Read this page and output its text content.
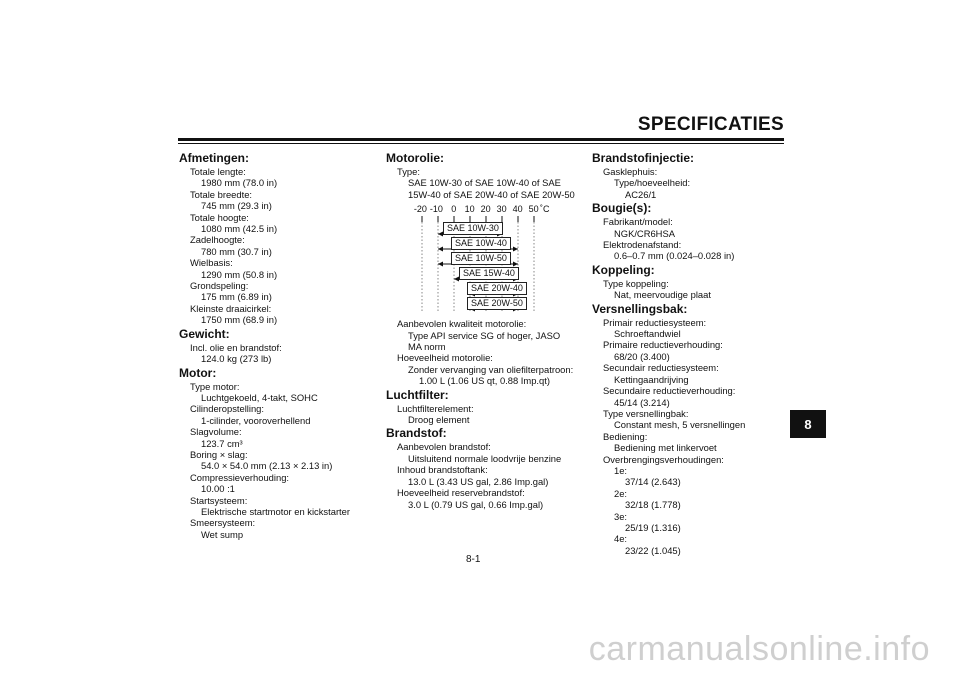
SPECIFICATIES
Afmetingen:
Totale lengte:
1980 mm (78.0 in)
Totale breedte:
745 mm (29.3 in)
Totale hoogte:
1080 mm (42.5 in)
Zadelhoogte:
780 mm (30.7 in)
Wielbasis:
1290 mm (50.8 in)
Grondspeling:
175 mm (6.89 in)
Kleinste draaicirkel:
1750 mm (68.9 in)
Gewicht:
Incl. olie en brandstof:
124.0 kg (273 lb)
Motor:
Type motor:
Luchtgekoeld, 4-takt, SOHC
Cilinderopstelling:
1-cilinder, vooroverhellend
Slagvolume:
123.7 cm³
Boring × slag:
54.0 × 54.0 mm (2.13 × 2.13 in)
Compressieverhouding:
10.00 :1
Startsysteem:
Elektrische startmotor en kickstarter
Smeersysteem:
Wet sump
Motorolie:
Type:
SAE 10W-30 of SAE 10W-40 of SAE 15W-40 of SAE 20W-40 of SAE 20W-50
-20 -10 0 10 20 30 40 50 ˚C
SAE 10W-30
SAE 10W-40
SAE 10W-50
SAE 15W-40
SAE 20W-40
SAE 20W-50
Aanbevolen kwaliteit motorolie:
Type API service SG of hoger, JASO MA norm
Hoeveelheid motorolie:
Zonder vervanging van oliefilterpatroon:
1.00 L (1.06 US qt, 0.88 Imp.qt)
Luchtfilter:
Luchtfilterelement:
Droog element
Brandstof:
Aanbevolen brandstof:
Uitsluitend normale loodvrije benzine
Inhoud brandstoftank:
13.0 L (3.43 US gal, 2.86 Imp.gal)
Hoeveelheid reservebrandstof:
3.0 L (0.79 US gal, 0.66 Imp.gal)
Brandstofinjectie:
Gasklephuis:
Type/hoeveelheid:
AC26/1
Bougie(s):
Fabrikant/model:
NGK/CR6HSA
Elektrodenafstand:
0.6–0.7 mm (0.024–0.028 in)
Koppeling:
Type koppeling:
Nat, meervoudige plaat
Versnellingsbak:
Primair reductiesysteem:
Schroeftandwiel
Primaire reductieverhouding:
68/20 (3.400)
Secundair reductiesysteem:
Kettingaandrijving
Secundaire reductieverhouding:
45/14 (3.214)
Type versnellingbak:
Constant mesh, 5 versnellingen
Bediening:
Bediening met linkervoet
Overbrengingsverhoudingen:
1e:
37/14 (2.643)
2e:
32/18 (1.778)
3e:
25/19 (1.316)
4e:
23/22 (1.045)
8
8-1
carmanualsonline.info
